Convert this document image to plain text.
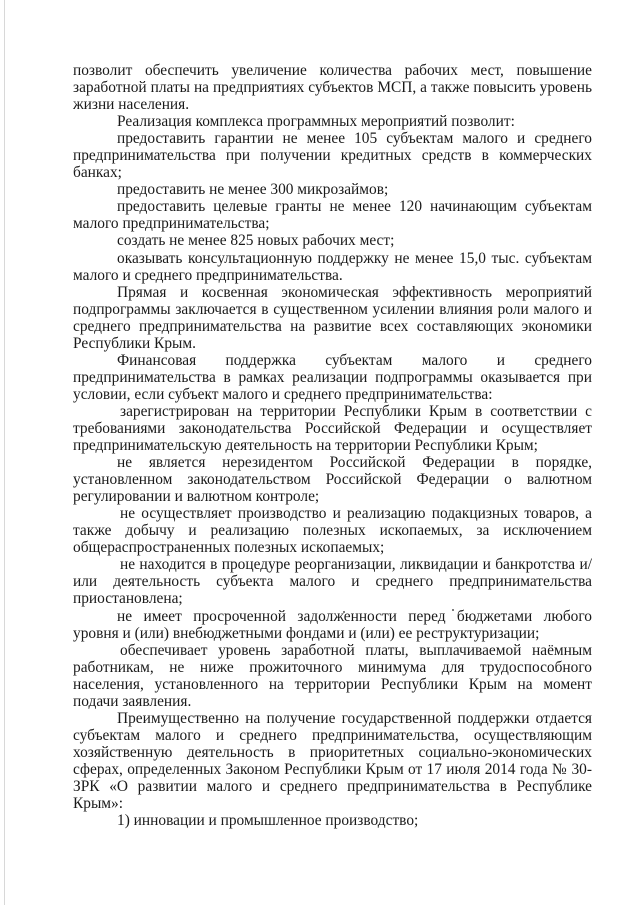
позволит обеспечить увеличение количества рабочих мест, повышение заработной платы на предприятиях субъектов МСП, а также повысить уровень жизни населения.

Реализация комплекса программных мероприятий позволит:

предоставить гарантии не менее 105 субъектам малого и среднего предпринимательства при получении кредитных средств в коммерческих банках;

предоставить не менее 300 микрозаймов;

предоставить целевые гранты не менее 120 начинающим субъектам малого предпринимательства;

создать не менее 825 новых рабочих мест;

оказывать консультационную поддержку не менее 15,0 тыс. субъектам малого и среднего предпринимательства.

Прямая и косвенная экономическая эффективность мероприятий подпрограммы заключается в существенном усилении влияния роли малого и среднего предпринимательства на развитие всех составляющих экономики Республики Крым.

Финансовая поддержка субъектам малого и среднего предпринимательства в рамках реализации подпрограммы оказывается при условии, если субъект малого и среднего предпринимательства:

зарегистрирован на территории Республики Крым в соответствии с требованиями законодательства Российской Федерации и осуществляет предпринимательскую деятельность на территории Республики Крым;

не является нерезидентом Российской Федерации в порядке, установленном законодательством Российской Федерации о валютном регулировании и валютном контроле;

не осуществляет производство и реализацию подакцизных товаров, а также добычу и реализацию полезных ископаемых, за исключением общераспространенных полезных ископаемых;

не находится в процедуре реорганизации, ликвидации и банкротства и/или деятельность субъекта малого и среднего предпринимательства приостановлена;

не имеет просроченной задолженности перед бюджетами любого уровня и (или) внебюджетными фондами и (или) ее реструктуризации;

обеспечивает уровень заработной платы, выплачиваемой наёмным работникам, не ниже прожиточного минимума для трудоспособного населения, установленного на территории Республики Крым на момент подачи заявления.

Преимущественно на получение государственной поддержки отдается субъектам малого и среднего предпринимательства, осуществляющим хозяйственную деятельность в приоритетных социально-экономических сферах, определенных Законом Республики Крым от 17 июля 2014 года № 30-ЗРК «О развитии малого и среднего предпринимательства в Республике Крым»:

1) инновации и промышленное производство;
